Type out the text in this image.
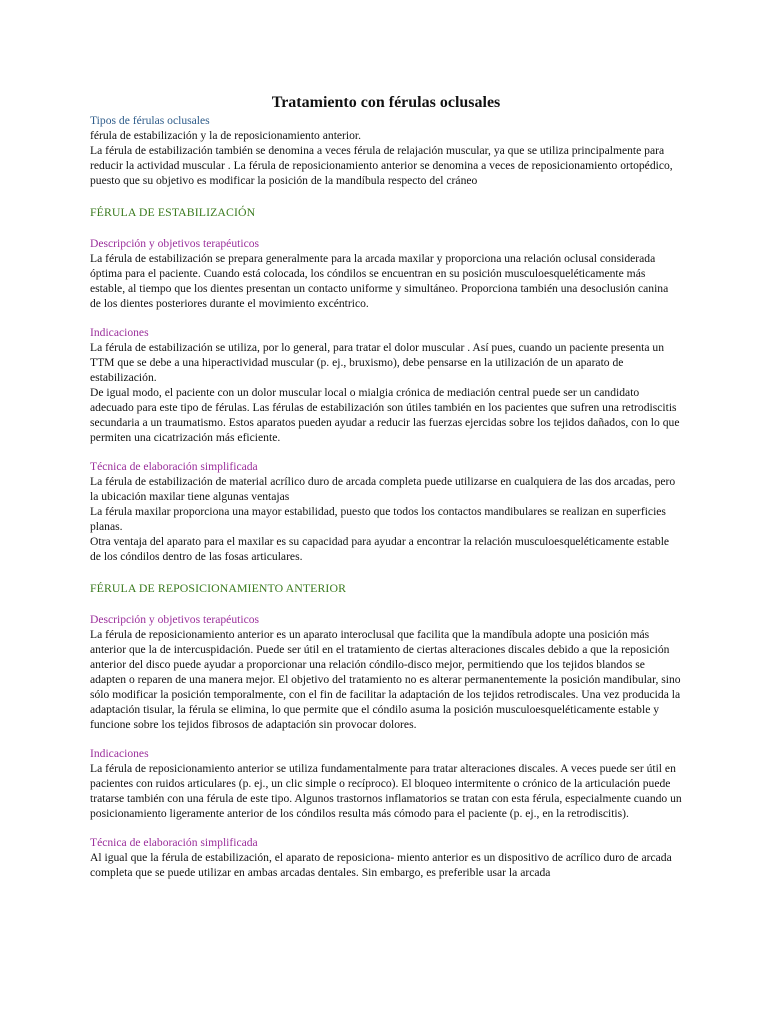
Tratamiento con férulas oclusales
Tipos de férulas oclusales

férula de estabilización y la de reposicionamiento anterior.

La férula de estabilización también se denomina a veces férula de relajación muscular, ya que se utiliza principalmente para reducir la actividad muscular . La férula de reposicionamiento anterior se denomina a veces de reposicionamiento ortopédico, puesto que su objetivo es modificar la posición de la mandíbula respecto del cráneo

FÉRULA DE ESTABILIZACIÓN
Descripción y objetivos terapéuticos

La férula de estabilización se prepara generalmente para la arcada maxilar y proporciona una relación oclusal considerada óptima para el paciente. Cuando está colocada, los cóndilos se encuentran en su posición musculoesqueléticamente más estable, al tiempo que los dientes presentan un contacto uniforme y simultáneo. Proporciona también una desoclusión canina de los dientes posteriores durante el movimiento excéntrico.

Indicaciones

La férula de estabilización se utiliza, por lo general, para tratar el dolor muscular . Así pues, cuando un paciente presenta un TTM que se debe a una hiperactividad muscular (p. ej., bruxismo), debe pensarse en la utilización de un aparato de estabilización.

De igual modo, el paciente con un dolor muscular local o mialgia crónica de mediación central puede ser un candidato adecuado para este tipo de férulas. Las férulas de estabilización son útiles también en los pacientes que sufren una retrodiscitis secundaria a un traumatismo. Estos aparatos pueden ayudar a reducir las fuerzas ejercidas sobre los tejidos dañados, con lo que permiten una cicatrización más eficiente.

Técnica de elaboración simplificada

La férula de estabilización de material acrílico duro de arcada completa puede utilizarse en cualquiera de las dos arcadas, pero la ubicación maxilar tiene algunas ventajas

La férula maxilar proporciona una mayor estabilidad, puesto que todos los contactos mandibulares se realizan en superficies planas.

Otra ventaja del aparato para el maxilar es su capacidad para ayudar a encontrar la relación musculoesqueléticamente estable de los cóndilos dentro de las fosas articulares.

FÉRULA DE REPOSICIONAMIENTO ANTERIOR
Descripción y objetivos terapéuticos

La férula de reposicionamiento anterior es un aparato interoclusal que facilita que la mandíbula adopte una posición más anterior que la de intercuspidación. Puede ser útil en el tratamiento de ciertas alteraciones discales debido a que la reposición anterior del disco puede ayudar a proporcionar una relación cóndilo-disco mejor, permitiendo que los tejidos blandos se adapten o reparen de una manera mejor. El objetivo del tratamiento no es alterar permanentemente la posición mandibular, sino sólo modificar la posición temporalmente, con el fin de facilitar la adaptación de los tejidos retrodiscales. Una vez producida la adaptación tisular, la férula se elimina, lo que permite que el cóndilo asuma la posición musculoesqueléticamente estable y funcione sobre los tejidos fibrosos de adaptación sin provocar dolores.

Indicaciones

La férula de reposicionamiento anterior se utiliza fundamentalmente para tratar alteraciones discales. A veces puede ser útil en pacientes con ruidos articulares (p. ej., un clic simple o recíproco). El bloqueo intermitente o crónico de la articulación puede tratarse también con una férula de este tipo. Algunos trastornos inflamatorios se tratan con esta férula, especialmente cuando un posicionamiento ligeramente anterior de los cóndilos resulta más cómodo para el paciente (p. ej., en la retrodiscitis).

Técnica de elaboración simplificada

Al igual que la férula de estabilización, el aparato de reposiciona- miento anterior es un dispositivo de acrílico duro de arcada completa que se puede utilizar en ambas arcadas dentales. Sin embargo, es preferible usar la arcada
